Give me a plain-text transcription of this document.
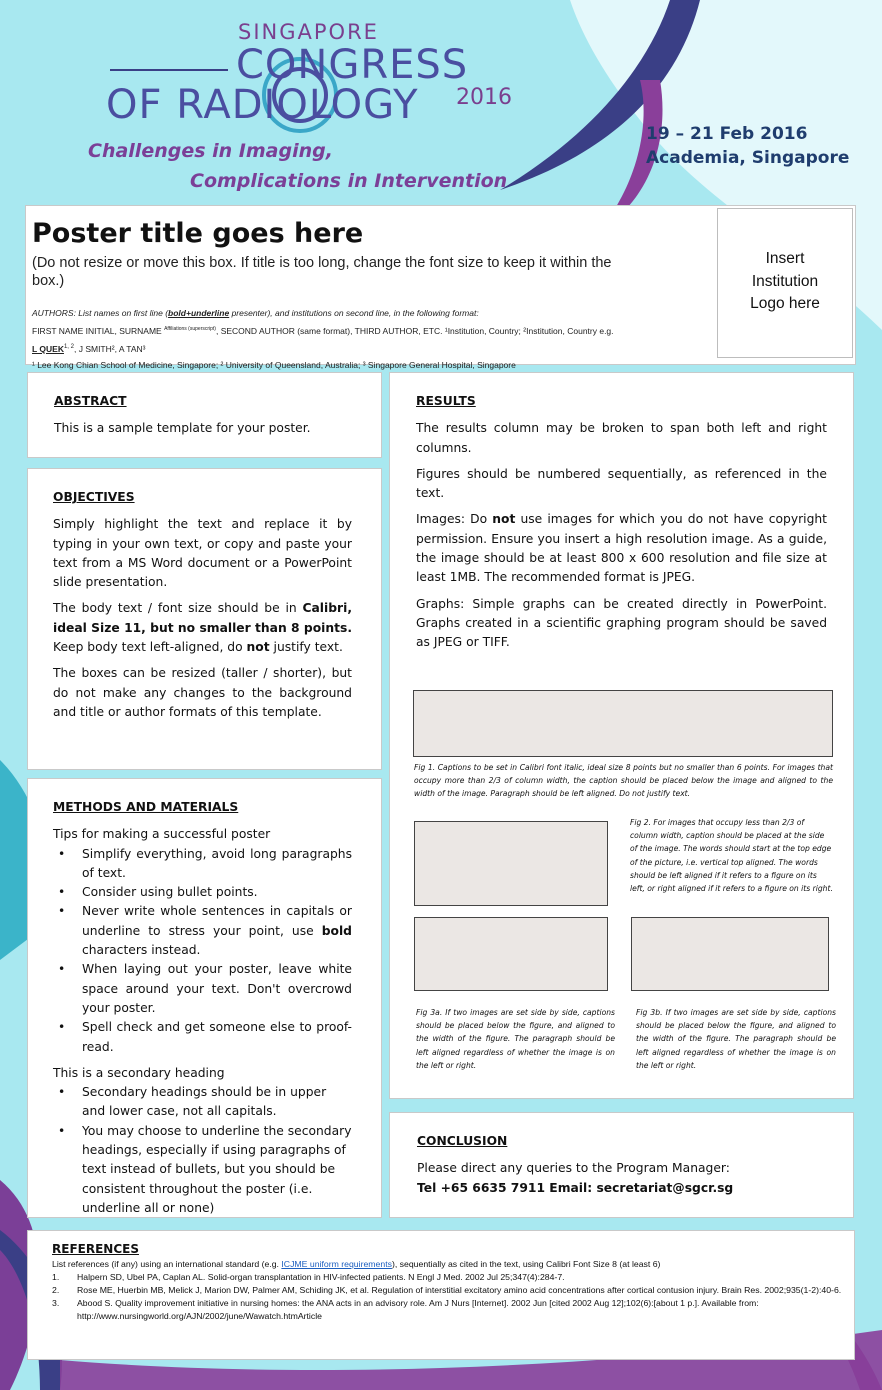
SINGAPORE
CONGRESS
OF RADIOLOGY 2016
Challenges in Imaging,
Complications in Intervention
19 – 21 Feb 2016
Academia, Singapore
Poster title goes here
(Do not resize or move this box. If title is too long, change the font size to keep it within the box.)
AUTHORS: List names on first line (bold+underline presenter), and institutions on second line, in the following format:
FIRST NAME INITIAL, SURNAME $^{Affiliations (superscript)}$, SECOND AUTHOR (same format), THIRD AUTHOR, ETC. ¹Institution, Country; ²Institution, Country e.g.
L QUEK$^{1, 2}$, J SMITH², A TAN³
¹ Lee Kong Chian School of Medicine, Singapore; ² University of Queensland, Australia; ³ Singapore General Hospital, Singapore
Insert
Institution
Logo here
ABSTRACT
This is a sample template for your poster.
OBJECTIVES
Simply highlight the text and replace it by typing in your own text, or copy and paste your text from a MS Word document or a PowerPoint slide presentation.
The body text / font size should be in Calibri, ideal Size 11, but no smaller than 8 points. Keep body text left-aligned, do not justify text.
The boxes can be resized (taller / shorter), but do not make any changes to the background and title or author formats of this template.
METHODS AND MATERIALS
Tips for making a successful poster
• Simplify everything, avoid long paragraphs of text.
• Consider using bullet points.
• Never write whole sentences in capitals or underline to stress your point, use bold characters instead.
• When laying out your poster, leave white space around your text. Don't overcrowd your poster.
• Spell check and get someone else to proof-read.
This is a secondary heading
• Secondary headings should be in upper and lower case, not all capitals.
• You may choose to underline the secondary headings, especially if using paragraphs of text instead of bullets, but you should be consistent throughout the poster (i.e. underline all or none)
RESULTS
The results column may be broken to span both left and right columns.
Figures should be numbered sequentially, as referenced in the text.
Images: Do not use images for which you do not have copyright permission. Ensure you insert a high resolution image. As a guide, the image should be at least 800 x 600 resolution and file size at least 1MB. The recommended format is JPEG.
Graphs: Simple graphs can be created directly in PowerPoint. Graphs created in a scientific graphing program should be saved as JPEG or TIFF.
Fig 1. Captions to be set in Calibri font italic, ideal size 8 points but no smaller than 6 points. For images that occupy more than 2/3 of column width, the caption should be placed below the image and aligned to the width of the image. Paragraph should be left aligned. Do not justify text.
Fig 2. For images that occupy less than 2/3 of column width, caption should be placed at the side of the image. The words should start at the top edge of the picture, i.e. vertical top aligned. The words should be left aligned if it refers to a figure on its left, or right aligned if it refers to a figure on its right.
Fig 3a. If two images are set side by side, captions should be placed below the figure, and aligned to the width of the figure. The paragraph should be left aligned regardless of whether the image is on the left or right.
Fig 3b. If two images are set side by side, captions should be placed below the figure, and aligned to the width of the figure. The paragraph should be left aligned regardless of whether the image is on the left or right.
CONCLUSION
Please direct any queries to the Program Manager:
Tel +65 6635 7911 Email: secretariat@sgcr.sg
REFERENCES
List references (if any) using an international standard (e.g. ICJME uniform requirements), sequentially as cited in the text, using Calibri Font Size 8 (at least 6)
1. Halpern SD, Ubel PA, Caplan AL. Solid-organ transplantation in HIV-infected patients. N Engl J Med. 2002 Jul 25;347(4):284-7.
2. Rose ME, Huerbin MB, Melick J, Marion DW, Palmer AM, Schiding JK, et al. Regulation of interstitial excitatory amino acid concentrations after cortical contusion injury. Brain Res. 2002;935(1-2):40-6.
3. Abood S. Quality improvement initiative in nursing homes: the ANA acts in an advisory role. Am J Nurs [Internet]. 2002 Jun [cited 2002 Aug 12];102(6):[about 1 p.]. Available from: http://www.nursingworld.org/AJN/2002/june/Wawatch.htmArticle
